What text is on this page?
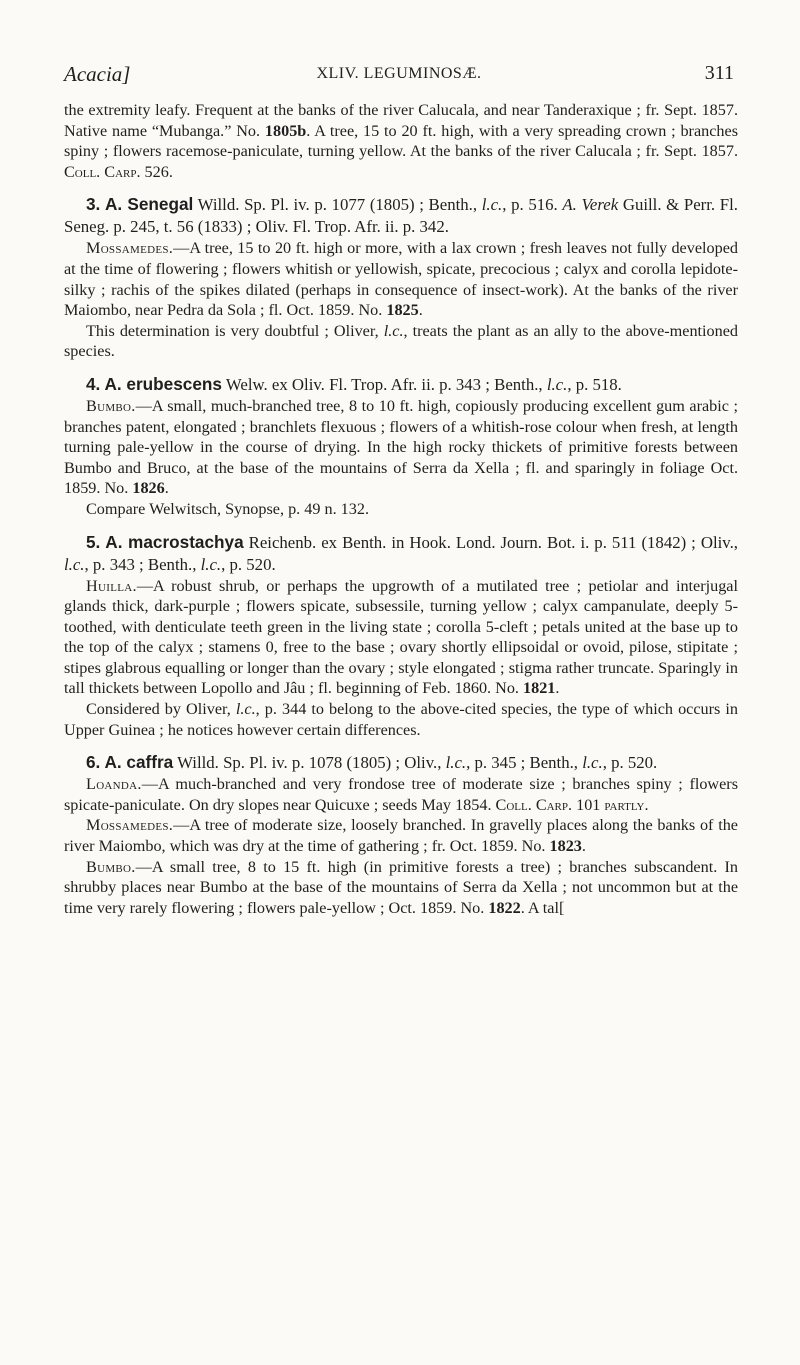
Acacia]	XLIV. LEGUMINOSÆ.	311

the extremity leafy. Frequent at the banks of the river Calucala, and near Tanderaxique ; fr. Sept. 1857. Native name “Mubanga.” No. 1805b. A tree, 15 to 20 ft. high, with a very spreading crown ; branches spiny ; flowers racemose-paniculate, turning yellow. At the banks of the river Calucala ; fr. Sept. 1857. Coll. Carp. 526.

3. A. Senegal Willd. Sp. Pl. iv. p. 1077 (1805) ; Benth., l.c., p. 516. A. Verek Guill. & Perr. Fl. Seneg. p. 245, t. 56 (1833) ; Oliv. Fl. Trop. Afr. ii. p. 342.

Mossamedes.—A tree, 15 to 20 ft. high or more, with a lax crown ; fresh leaves not fully developed at the time of flowering ; flowers whitish or yellowish, spicate, precocious ; calyx and corolla lepidote-silky ; rachis of the spikes dilated (perhaps in consequence of insect-work). At the banks of the river Maiombo, near Pedra da Sola ; fl. Oct. 1859. No. 1825.

This determination is very doubtful ; Oliver, l.c., treats the plant as an ally to the above-mentioned species.

4. A. erubescens Welw. ex Oliv. Fl. Trop. Afr. ii. p. 343 ; Benth., l.c., p. 518.

Bumbo.—A small, much-branched tree, 8 to 10 ft. high, copiously producing excellent gum arabic ; branches patent, elongated ; branchlets flexuous ; flowers of a whitish-rose colour when fresh, at length turning pale-yellow in the course of drying. In the high rocky thickets of primitive forests between Bumbo and Bruco, at the base of the mountains of Serra da Xella ; fl. and sparingly in foliage Oct. 1859. No. 1826.

Compare Welwitsch, Synopse, p. 49 n. 132.

5. A. macrostachya Reichenb. ex Benth. in Hook. Lond. Journ. Bot. i. p. 511 (1842) ; Oliv., l.c., p. 343 ; Benth., l.c., p. 520.

Huilla.—A robust shrub, or perhaps the upgrowth of a mutilated tree ; petiolar and interjugal glands thick, dark-purple ; flowers spicate, subsessile, turning yellow ; calyx campanulate, deeply 5-toothed, with denticulate teeth green in the living state ; corolla 5-cleft ; petals united at the base up to the top of the calyx ; stamens 0, free to the base ; ovary shortly ellipsoidal or ovoid, pilose, stipitate ; stipes glabrous equalling or longer than the ovary ; style elongated ; stigma rather truncate. Sparingly in tall thickets between Lopollo and Jâu ; fl. beginning of Feb. 1860. No. 1821.

Considered by Oliver, l.c., p. 344 to belong to the above-cited species, the type of which occurs in Upper Guinea ; he notices however certain differences.

6. A. caffra Willd. Sp. Pl. iv. p. 1078 (1805) ; Oliv., l.c., p. 345 ; Benth., l.c., p. 520.

Loanda.—A much-branched and very frondose tree of moderate size ; branches spiny ; flowers spicate-paniculate. On dry slopes near Quicuxe ; seeds May 1854. Coll. Carp. 101 partly.

Mossamedes.—A tree of moderate size, loosely branched. In gravelly places along the banks of the river Maiombo, which was dry at the time of gathering ; fr. Oct. 1859. No. 1823.

Bumbo.—A small tree, 8 to 15 ft. high (in primitive forests a tree) ; branches subscandent. In shrubby places near Bumbo at the base of the mountains of Serra da Xella ; not uncommon but at the time very rarely flowering ; flowers pale-yellow ; Oct. 1859. No. 1822. A tal[
